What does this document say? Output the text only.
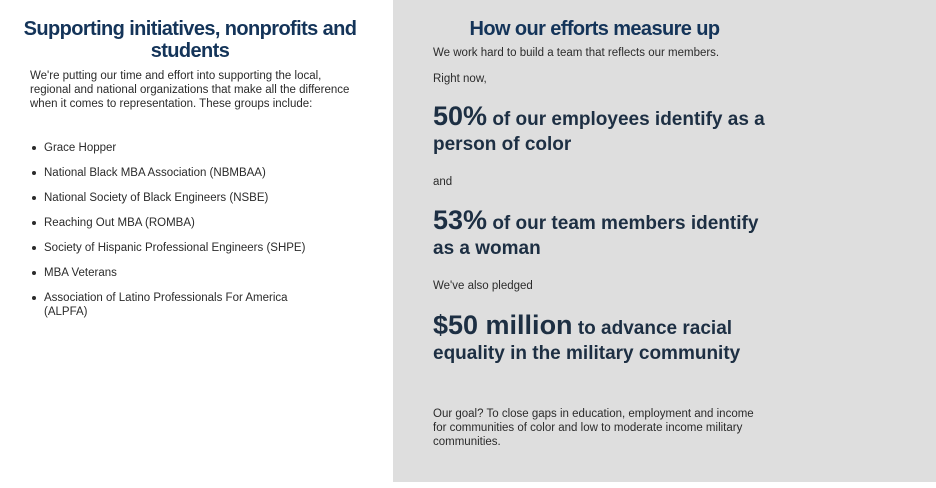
Supporting initiatives, nonprofits and students

We're putting our time and effort into supporting the local, regional and national organizations that make all the difference when it comes to representation. These groups include:

Grace Hopper
National Black MBA Association (NBMBAA)
National Society of Black Engineers (NSBE)
Reaching Out MBA (ROMBA)
Society of Hispanic Professional Engineers (SHPE)
MBA Veterans
Association of Latino Professionals For America (ALPFA)
How our efforts measure up

We work hard to build a team that reflects our members.

Right now,

50% of our employees identify as a person of color

and

53% of our team members identify as a woman

We've also pledged

$50 million to advance racial equality in the military community

Our goal? To close gaps in education, employment and income for communities of color and low to moderate income military communities.
